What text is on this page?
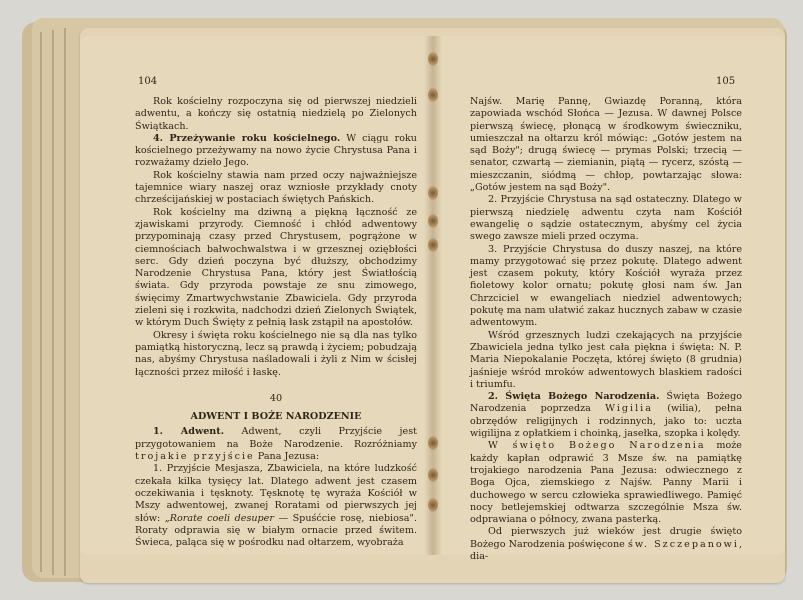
104

Rok kościelny rozpoczyna się od pierwszej niedzieli adwentu, a kończy się ostatnią niedzielą po Zielonych Świątkach.

4. Przeżywanie roku kościelnego. W ciągu roku kościelnego przeżywamy na nowo życie Chrystusa Pana i rozważamy dzieło Jego.

Rok kościelny stawia nam przed oczy najważniejsze tajemnice wiary naszej oraz wzniosłe przykłady cnoty chrześcijańskiej w postaciach świętych Pańskich.

Rok kościelny ma dziwną a piękną łączność ze zjawiskami przyrody. Ciemność i chłód adwentowy przypominają czasy przed Chrystusem, pogrążone w ciemnościach bałwochwalstwa i w grzesznej oziębłości serc. Gdy dzień poczyna być dłuższy, obchodzimy Narodzenie Chrystusa Pana, który jest Światłością świata. Gdy przyroda powstaje ze snu zimowego, święcimy Zmartwychwstanie Zbawiciela. Gdy przyroda zieleni się i rozkwita, nadchodzi dzień Zielonych Świątek, w którym Duch Święty z pełnią łask zstąpił na apostołów.

Okresy i święta roku kościelnego nie są dla nas tylko pamiątką historyczną, lecz są prawdą i życiem; pobudzają nas, abyśmy Chrystusa naśladowali i żyli z Nim w ścisłej łączności przez miłość i łaskę.

40

ADWENT I BOŻE NARODZENIE

1. Adwent. Adwent, czyli Przyjście jest przygotowaniem na Boże Narodzenie. Rozróżniamy trojakie przyjście Pana Jezusa:

1. Przyjście Mesjasza, Zbawiciela, na które ludzkość czekała kilka tysięcy lat. Dlatego adwent jest czasem oczekiwania i tęsknoty. Tęsknotę tę wyraża Kościół w Mszy adwentowej, zwanej Roratami od pierwszych jej słów: „Rorate coeli desuper — Spuśćcie rosę, niebiosa". Roraty odprawia się w białym ornacie przed świtem. Świeca, paląca się w pośrodku nad ołtarzem, wyobraża

105

Najśw. Marię Pannę, Gwiazdę Poranną, która zapowiada wschód Słońca — Jezusa. W dawnej Polsce pierwszą świecę, płonącą w środkowym świeczniku, umieszczał na ołtarzu król mówiąc: „Gotów jestem na sąd Boży"; drugą świecę — prymas Polski; trzecią — senator, czwartą — ziemianin, piątą — rycerz, szóstą — mieszczanin, siódmą — chłop, powtarzając słowa: „Gotów jestem na sąd Boży".

2. Przyjście Chrystusa na sąd ostateczny. Dlatego w pierwszą niedzielę adwentu czyta nam Kościół ewangelię o sądzie ostatecznym, abyśmy cel życia swego zawsze mieli przed oczyma.

3. Przyjście Chrystusa do duszy naszej, na które mamy przygotować się przez pokutę. Dlatego adwent jest czasem pokuty, który Kościół wyraża przez fioletowy kolor ornatu; pokutę głosi nam św. Jan Chrzciciel w ewangeliach niedziel adwentowych; pokutę ma nam ułatwić zakaz hucznych zabaw w czasie adwentowym.

Wśród grzesznych ludzi czekających na przyjście Zbawiciela jedna tylko jest cała piękna i święta: N. P. Maria Niepokalanie Poczęta, której święto (8 grudnia) jaśnieje wśród mroków adwentowych blaskiem radości i triumfu.

2. Święta Bożego Narodzenia. Święta Bożego Narodzenia poprzedza Wigilia (wilia), pełna obrzędów religijnych i rodzinnych, jako to: uczta wigilijna z opłatkiem i choinką, jasełka, szopka i kolędy.

W święto Bożego Narodzenia może każdy kapłan odprawić 3 Msze św. na pamiątkę trojakiego narodzenia Pana Jezusa: odwiecznego z Boga Ojca, ziemskiego z Najśw. Panny Marii i duchowego w sercu człowieka sprawiedliwego. Pamięć nocy betlejemskiej odtwarza szczególnie Msza św. odprawiana o północy, zwana pasterką.

Od pierwszych już wieków jest drugie święto Bożego Narodzenia poświęcone św. Szczepanowi, dia-
